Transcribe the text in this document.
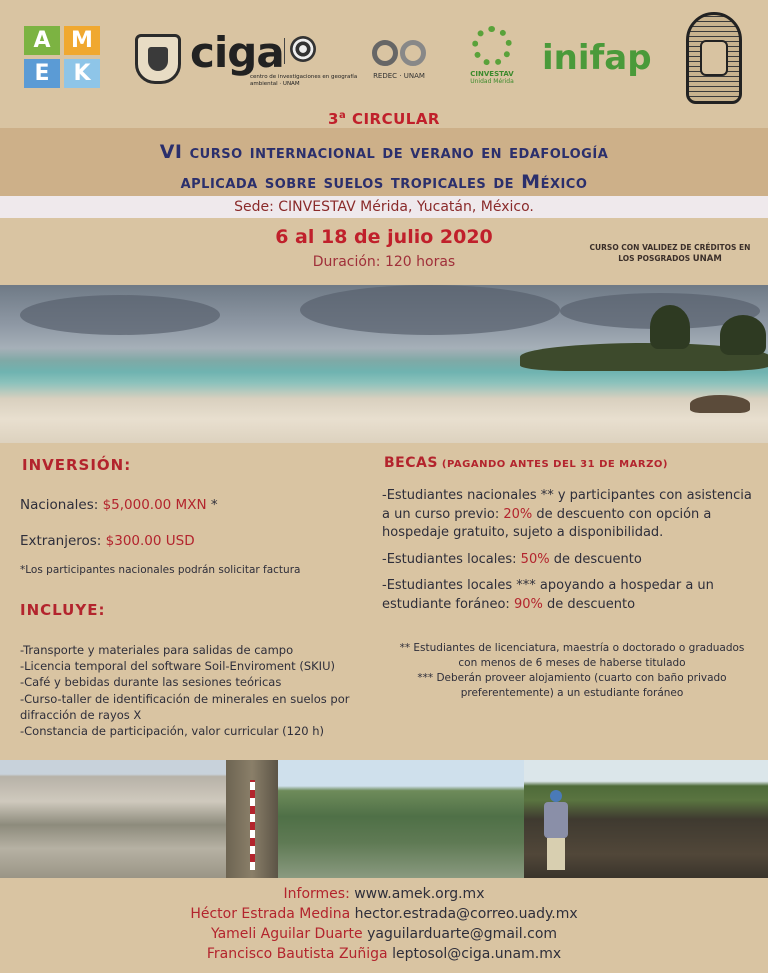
A M
E	K ciga
centro de investigaciones en geografía ambiental · UNAM
REDEC · UNAM	CINVESTAV
Unidad Mérida
inifap
3$^a$ CIRCULAR
VI curso internacional de verano en edafología
aplicada sobre suelos tropicales de México
Sede: CINVESTAV Mérida, Yucatán, México.
6 al 18 de julio 2020
Duración: 120 horas
CURSO CON VALIDEZ DE CRÉDITOS EN
LOS POSGRADOS UNAM
INVERSIÓN:
Nacionales: $5,000.00 MXN *
Extranjeros: $300.00 USD
*Los participantes nacionales podrán solicitar factura
INCLUYE:
-Transporte y materiales para salidas de campo
-Licencia temporal del software Soil-Enviroment (SKIU)
-Café y bebidas durante las sesiones teóricas
-Curso-taller de identificación de minerales en suelos por difracción de rayos X
-Constancia de participación, valor curricular (120 h)
BECAS (PAGANDO ANTES DEL 31 DE MARZO)

-Estudiantes nacionales ** y participantes con asistencia a un curso previo: 20% de descuento con opción a hospedaje gratuito, sujeto a disponibilidad.

-Estudiantes locales: 50% de descuento

-Estudiantes locales *** apoyando a hospedar a un estudiante foráneo: 90% de descuento

** Estudiantes de licenciatura, maestría o doctorado o graduados con menos de 6 meses de haberse titulado
*** Deberán proveer alojamiento (cuarto con baño privado preferentemente) a un estudiante foráneo
Informes: www.amek.org.mx
Héctor Estrada Medina hector.estrada@correo.uady.mx
Yameli Aguilar Duarte yaguilarduarte@gmail.com
Francisco Bautista Zuñiga leptosol@ciga.unam.mx
